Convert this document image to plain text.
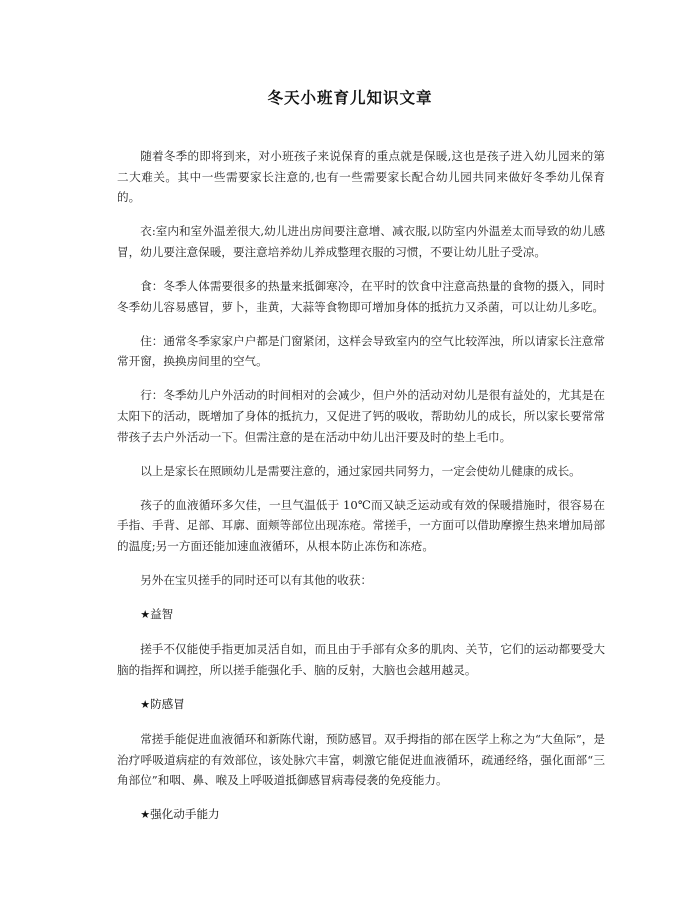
冬天小班育儿知识文章

随着冬季的即将到来，对小班孩子来说保育的重点就是保暖,这也是孩子进入幼儿园来的第二大难关。其中一些需要家长注意的,也有一些需要家长配合幼儿园共同来做好冬季幼儿保育的。

衣:室内和室外温差很大,幼儿进出房间要注意增、减衣服,以防室内外温差太而导致的幼儿感冒，幼儿要注意保暖，要注意培养幼儿养成整理衣服的习惯，不要让幼儿肚子受凉。

食：冬季人体需要很多的热量来抵御寒冷，在平时的饮食中注意高热量的食物的摄入，同时冬季幼儿容易感冒，萝卜，韭黄，大蒜等食物即可增加身体的抵抗力又杀菌，可以让幼儿多吃。

住：通常冬季家家户户都是门窗紧闭，这样会导致室内的空气比较浑浊，所以请家长注意常常开窗，换换房间里的空气。

行：冬季幼儿户外活动的时间相对的会减少，但户外的活动对幼儿是很有益处的，尤其是在太阳下的活动，既增加了身体的抵抗力，又促进了钙的吸收，帮助幼儿的成长，所以家长要常常带孩子去户外活动一下。但需注意的是在活动中幼儿出汗要及时的垫上毛巾。

以上是家长在照顾幼儿是需要注意的，通过家园共同努力，一定会使幼儿健康的成长。

孩子的血液循环多欠佳，一旦气温低于 10℃而又缺乏运动或有效的保暖措施时，很容易在手指、手背、足部、耳廓、面颊等部位出现冻疮。常搓手，一方面可以借助摩擦生热来增加局部的温度;另一方面还能加速血液循环，从根本防止冻伤和冻疮。

另外在宝贝搓手的同时还可以有其他的收获：

★益智

搓手不仅能使手指更加灵活自如，而且由于手部有众多的肌肉、关节，它们的运动都要受大脑的指挥和调控，所以搓手能强化手、脑的反射，大脑也会越用越灵。

★防感冒

常搓手能促进血液循环和新陈代谢，预防感冒。双手拇指的部在医学上称之为“大鱼际”，是治疗呼吸道病症的有效部位，该处脉穴丰富，刺激它能促进血液循环，疏通经络，强化面部“三角部位”和咽、鼻、喉及上呼吸道抵御感冒病毒侵袭的免疫能力。

★强化动手能力
